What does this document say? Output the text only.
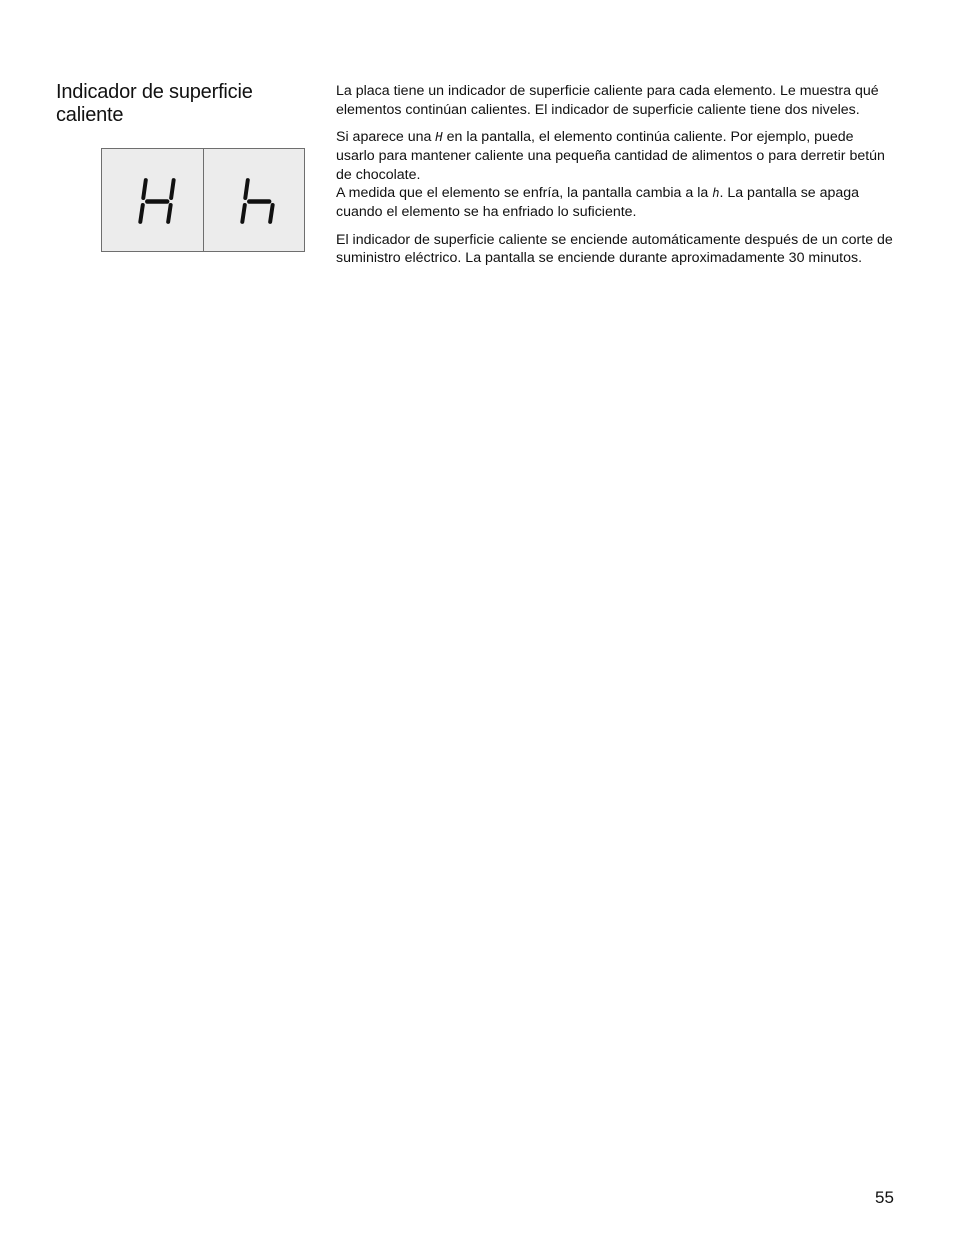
Indicador de superficie caliente

La placa tiene un indicador de superficie caliente para cada elemento. Le muestra qué elementos continúan calientes. El indicador de superficie caliente tiene dos niveles.

Si aparece una H en la pantalla, el elemento continúa caliente. Por ejemplo, puede usarlo para mantener caliente una pequeña cantidad de alimentos o para derretir betún de chocolate.
A medida que el elemento se enfría, la pantalla cambia a la h. La pantalla se apaga cuando el elemento se ha enfriado lo suficiente.

El indicador de superficie caliente se enciende automáticamente después de un corte de suministro eléctrico. La pantalla se enciende durante aproximadamente 30 minutos.

55
